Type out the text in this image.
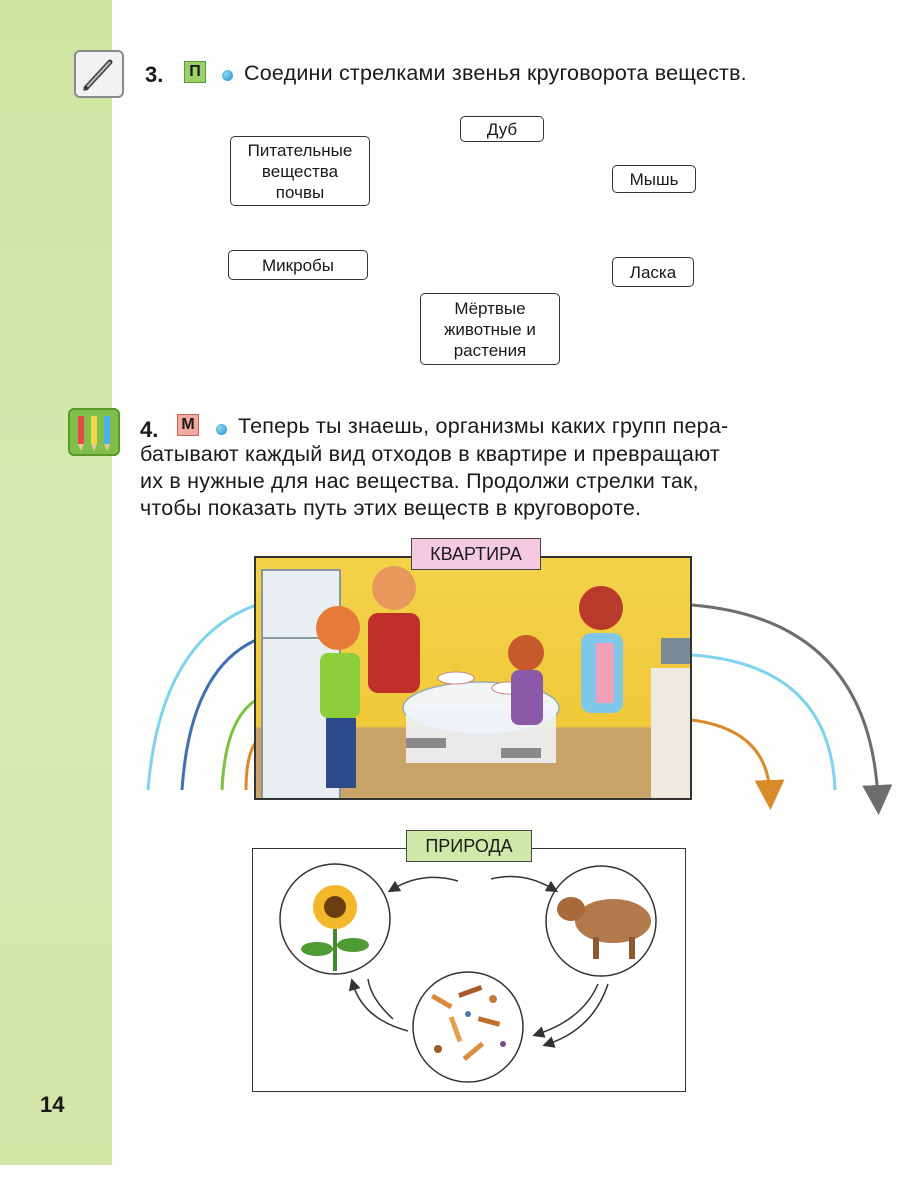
3.	П Соедини стрелками звенья круговорота веществ.
Дуб
Питательные вещества почвы
Мышь
Микробы	Ласка
Мёртвые животные и растения
4. М Теперь ты знаешь, организмы каких групп пера-
батывают каждый вид отходов в квартире и превращают
их в нужные для нас вещества. Продолжи стрелки так,
чтобы показать путь этих веществ в круговороте.
КВАРТИРА
ПРИРОДА
14
